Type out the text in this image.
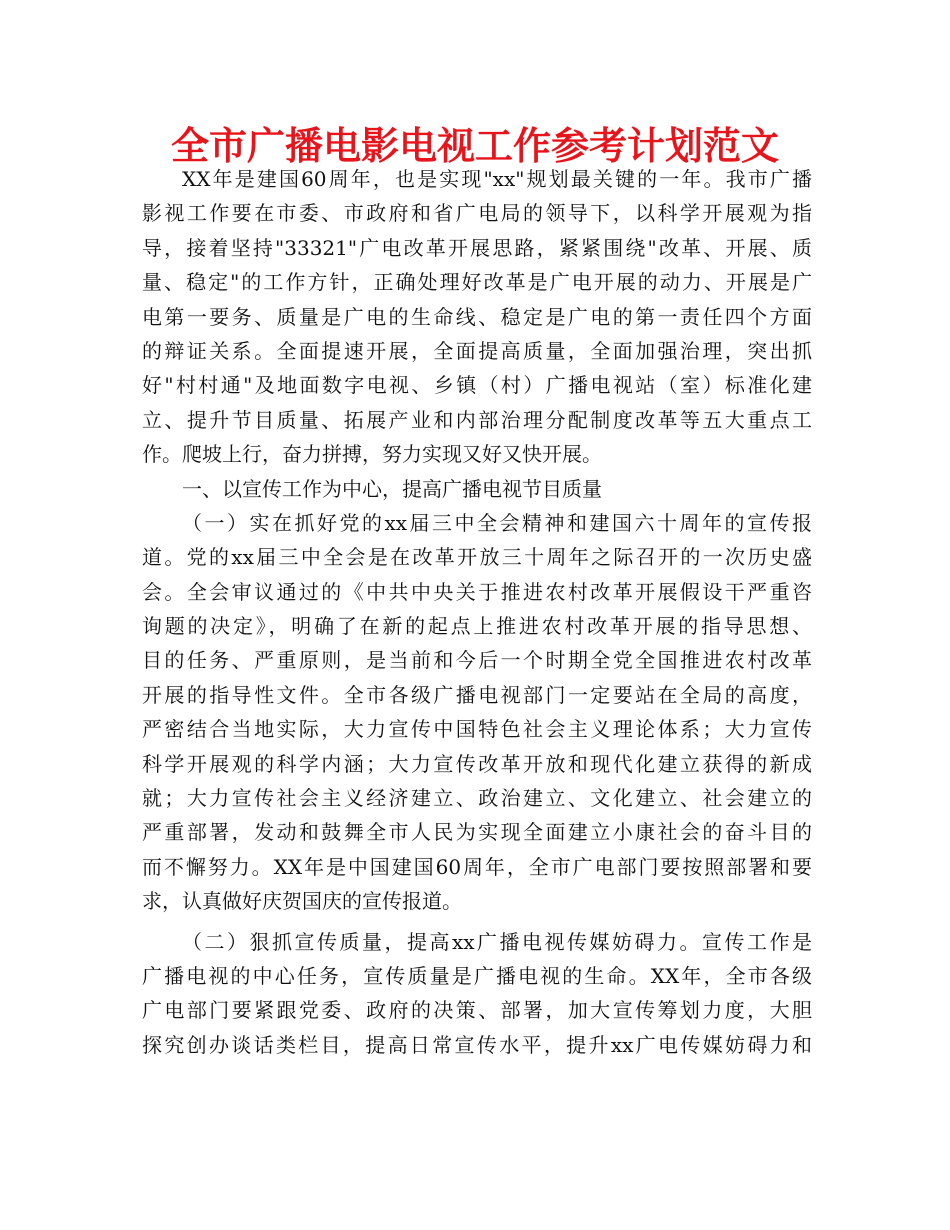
全市广播电影电视工作参考计划范文
XX年是建国60周年，也是实现"xx"规划最关键的一年。我市广播
影视工作要在市委、市政府和省广电局的领导下，以科学开展观为指
导，接着坚持"33321"广电改革开展思路，紧紧围绕"改革、开展、质
量、稳定"的工作方针，正确处理好改革是广电开展的动力、开展是广
电第一要务、质量是广电的生命线、稳定是广电的第一责任四个方面
的辩证关系。全面提速开展，全面提高质量，全面加强治理，突出抓
好"村村通"及地面数字电视、乡镇（村）广播电视站（室）标准化建
立、提升节目质量、拓展产业和内部治理分配制度改革等五大重点工
作。爬坡上行，奋力拼搏，努力实现又好又快开展。
一、以宣传工作为中心，提高广播电视节目质量
（一）实在抓好党的xx届三中全会精神和建国六十周年的宣传报
道。党的xx届三中全会是在改革开放三十周年之际召开的一次历史盛
会。全会审议通过的《中共中央关于推进农村改革开展假设干严重咨
询题的决定》，明确了在新的起点上推进农村改革开展的指导思想、
目的任务、严重原则，是当前和今后一个时期全党全国推进农村改革
开展的指导性文件。全市各级广播电视部门一定要站在全局的高度，
严密结合当地实际，大力宣传中国特色社会主义理论体系；大力宣传
科学开展观的科学内涵；大力宣传改革开放和现代化建立获得的新成
就；大力宣传社会主义经济建立、政治建立、文化建立、社会建立的
严重部署，发动和鼓舞全市人民为实现全面建立小康社会的奋斗目的
而不懈努力。XX年是中国建国60周年，全市广电部门要按照部署和要
求，认真做好庆贺国庆的宣传报道。
（二）狠抓宣传质量，提高xx广播电视传媒妨碍力。宣传工作是
广播电视的中心任务，宣传质量是广播电视的生命。XX年，全市各级
广电部门要紧跟党委、政府的决策、部署，加大宣传筹划力度，大胆
探究创办谈话类栏目，提高日常宣传水平，提升xx广电传媒妨碍力和
